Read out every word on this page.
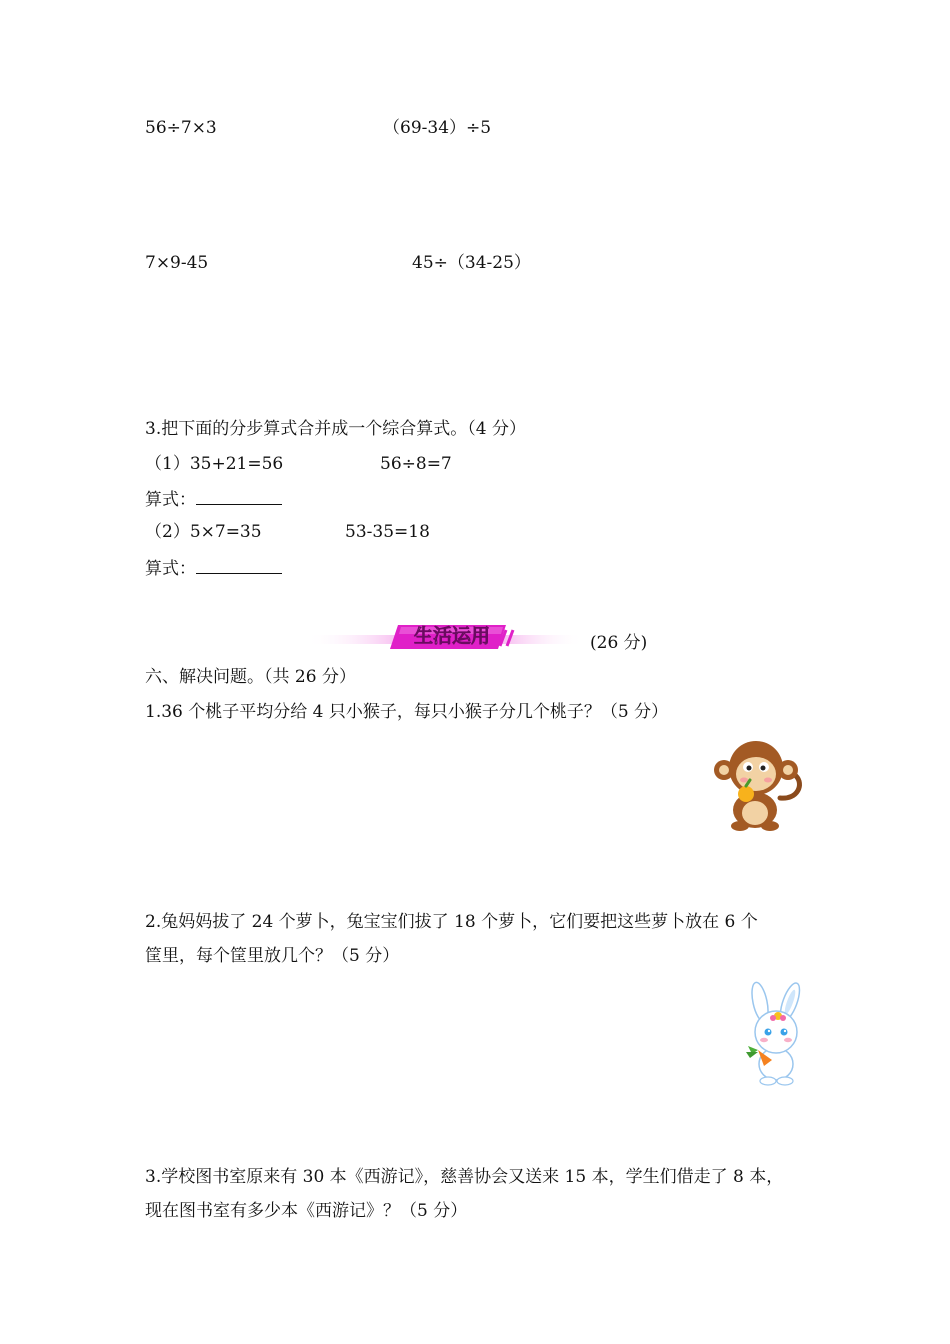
56÷7×3	（69-34）÷5
7×9-45	45÷（34-25）
3.把下面的分步算式合并成一个综合算式。（4 分）
（1）35+21=56	56÷8=7
算式：
（2）5×7=35	53-35=18
算式：
生活运用	(26 分)
六、解决问题。（共 26 分）
1.36 个桃子平均分给 4 只小猴子，每只小猴子分几个桃子？（5 分）
2.兔妈妈拔了 24 个萝卜，兔宝宝们拔了 18 个萝卜，它们要把这些萝卜放在 6 个
筐里，每个筐里放几个？（5 分）
3.学校图书室原来有 30 本《西游记》，慈善协会又送来 15 本，学生们借走了 8 本，
现在图书室有多少本《西游记》？（5 分）
